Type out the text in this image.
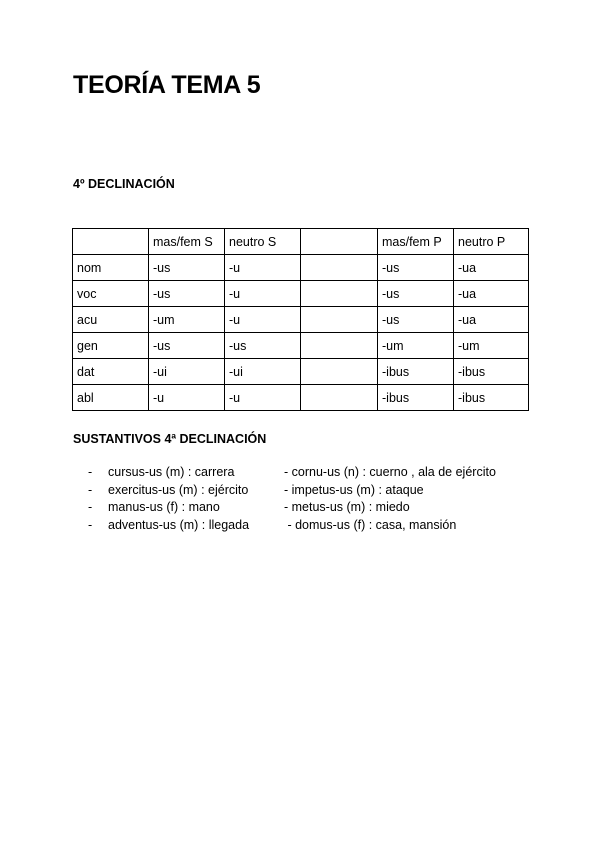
TEORÍA TEMA 5
4º DECLINACIÓN
	mas/fem S	neutro S		mas/fem P	neutro P
nom	-us	-u		-us	-ua
voc	-us	-u		-us	-ua
acu	-um	-u		-us	-ua
gen	-us	-us		-um	-um
dat	-ui	-ui		-ibus	-ibus
abl	-u	-u		-ibus	-ibus
SUSTANTIVOS 4ª DECLINACIÓN
- cursus-us (m) : carrera	- cornu-us (n) : cuerno , ala de ejército
- exercitus-us (m) : ejército	- impetus-us (m) : ataque
- manus-us (f) : mano	- metus-us (m) : miedo
- adventus-us (m) : llegada	- domus-us (f) : casa, mansión
